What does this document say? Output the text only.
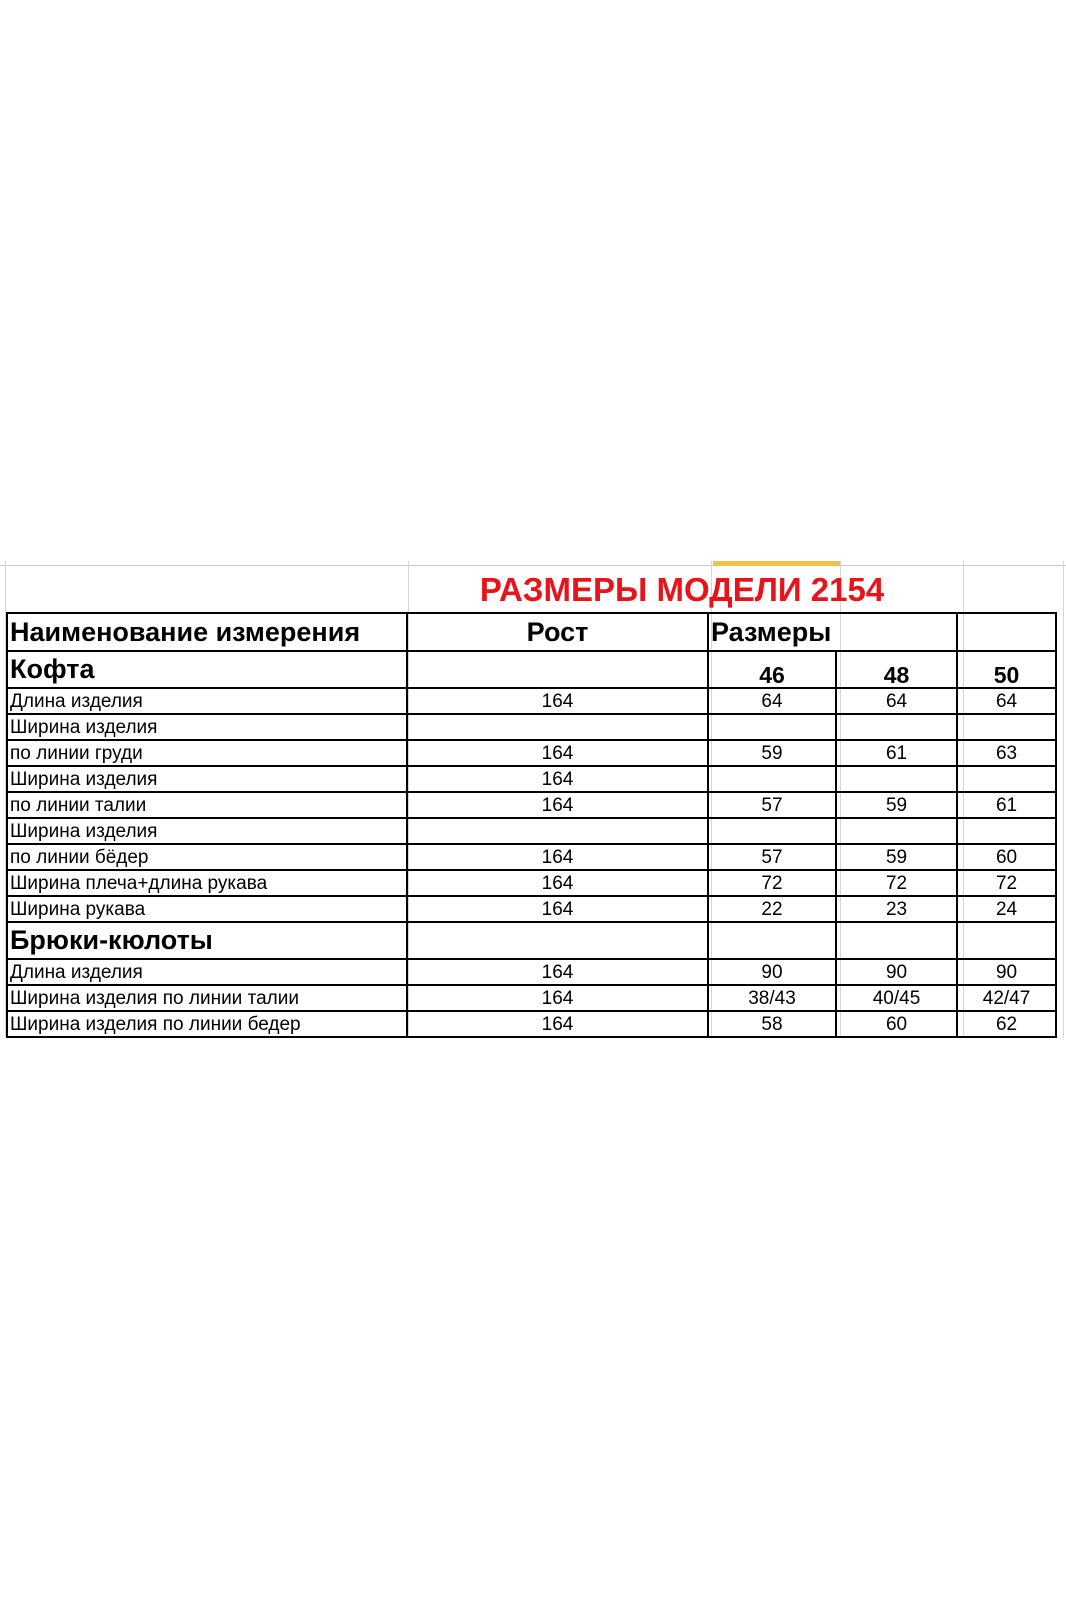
	РАЗМЕРЫ МОДЕЛИ 2154			
Наименование измерения	Рост	Размеры		
Кофта		46	48	50
Длина изделия	164	64	64	64
Ширина изделия				
по линии груди	164	59	61	63
Ширина изделия	164			
по линии талии	164	57	59	61
Ширина изделия				
по линии бёдер	164	57	59	60
Ширина плеча+длина рукава	164	72	72	72
Ширина рукава	164	22	23	24
Брюки-кюлоты				
Длина изделия	164	90	90	90
Ширина изделия по линии талии	164	38/43	40/45	42/47
Ширина изделия по линии бедер	164	58	60	62
